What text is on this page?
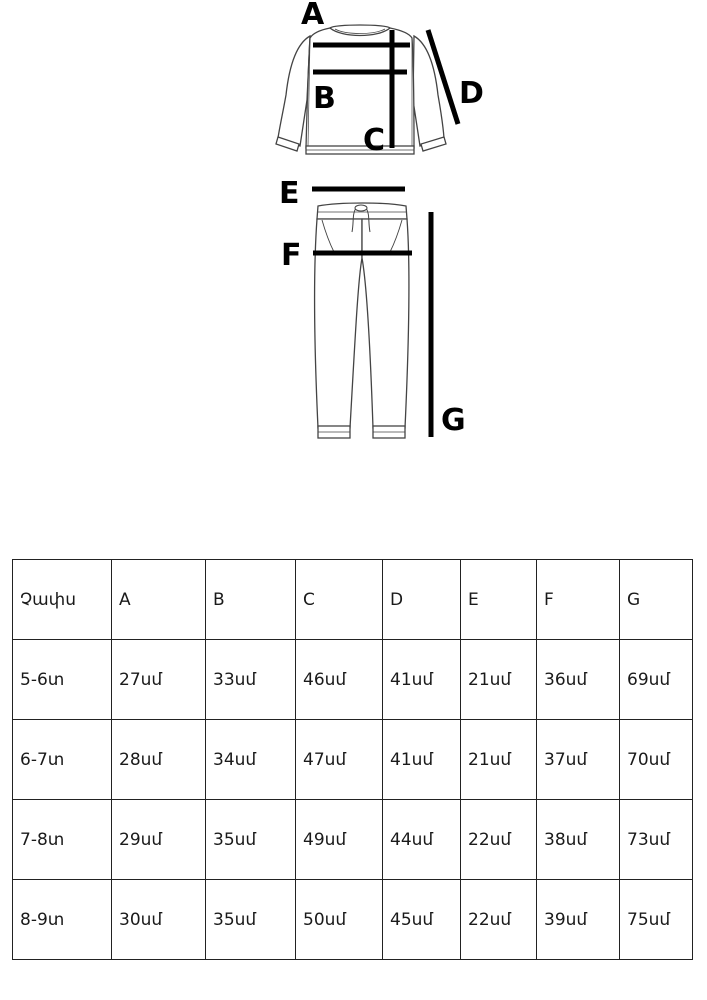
A
B
C
D
E
F
G
Չափս	A	B	C	D	E	F	G
5-6տ	27սմ	33սմ	46սմ	41սմ	21սմ	36սմ	69սմ
6-7տ	28սմ	34սմ	47սմ	41սմ	21սմ	37սմ	70սմ
7-8տ	29սմ	35սմ	49սմ	44սմ	22սմ	38սմ	73սմ
8-9տ	30սմ	35սմ	50սմ	45սմ	22սմ	39սմ	75սմ
